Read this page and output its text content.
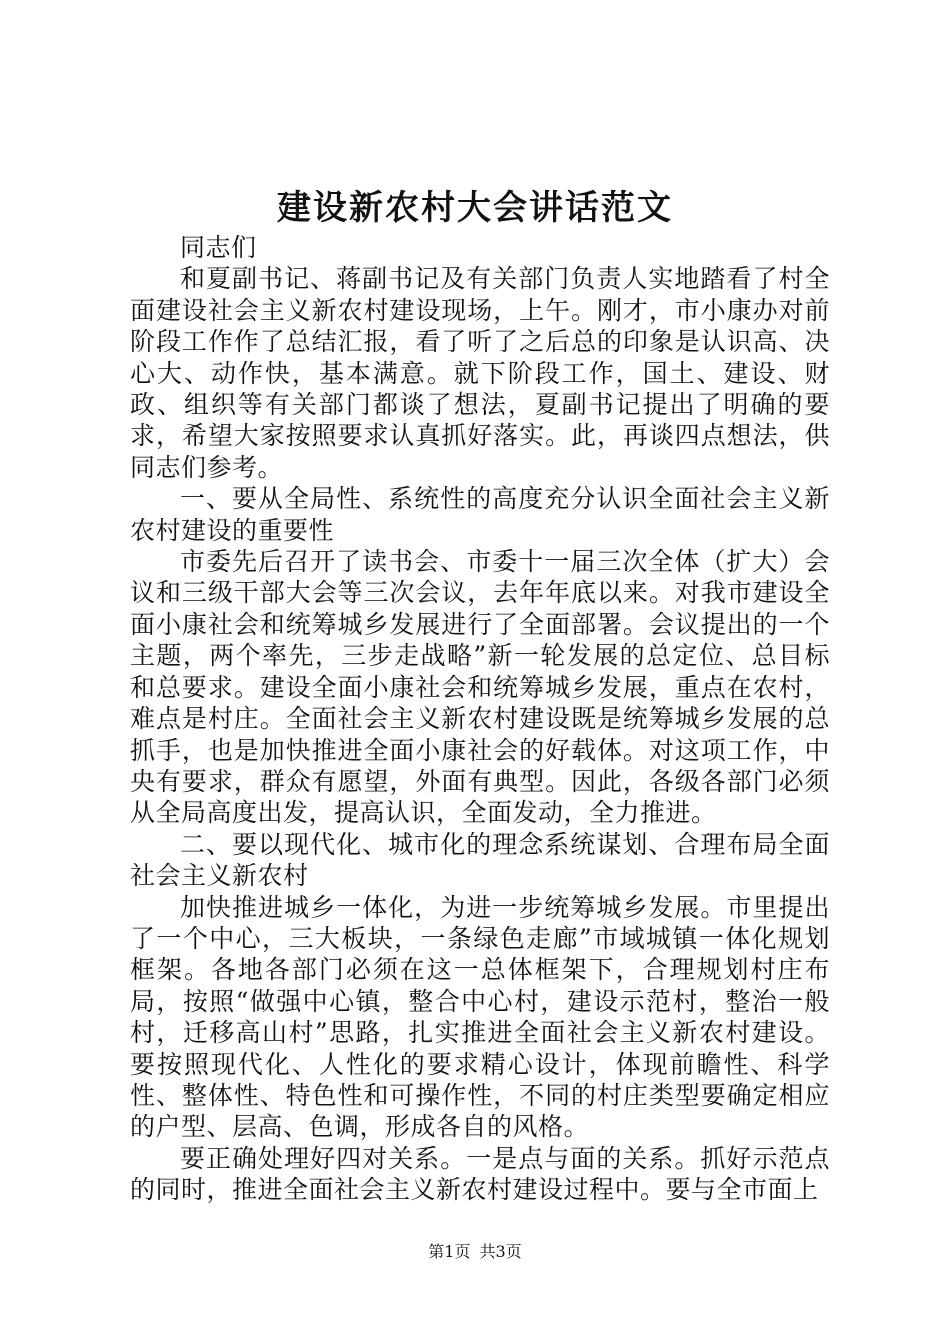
建设新农村大会讲话范文

同志们

和夏副书记、蒋副书记及有关部门负责人实地踏看了村全面建设社会主义新农村建设现场，上午。刚才，市小康办对前阶段工作作了总结汇报，看了听了之后总的印象是认识高、决心大、动作快，基本满意。就下阶段工作，国土、建设、财政、组织等有关部门都谈了想法，夏副书记提出了明确的要求，希望大家按照要求认真抓好落实。此，再谈四点想法，供同志们参考。

一、要从全局性、系统性的高度充分认识全面社会主义新农村建设的重要性

市委先后召开了读书会、市委十一届三次全体（扩大）会议和三级干部大会等三次会议，去年年底以来。对我市建设全面小康社会和统筹城乡发展进行了全面部署。会议提出的一个主题，两个率先，三步走战略”新一轮发展的总定位、总目标和总要求。建设全面小康社会和统筹城乡发展，重点在农村，难点是村庄。全面社会主义新农村建设既是统筹城乡发展的总抓手，也是加快推进全面小康社会的好载体。对这项工作，中央有要求，群众有愿望，外面有典型。因此，各级各部门必须从全局高度出发，提高认识，全面发动，全力推进。

二、要以现代化、城市化的理念系统谋划、合理布局全面社会主义新农村

加快推进城乡一体化，为进一步统筹城乡发展。市里提出了一个中心，三大板块，一条绿色走廊”市域城镇一体化规划框架。各地各部门必须在这一总体框架下，合理规划村庄布局，按照“做强中心镇，整合中心村，建设示范村，整治一般村，迁移高山村”思路，扎实推进全面社会主义新农村建设。要按照现代化、人性化的要求精心设计，体现前瞻性、科学性、整体性、特色性和可操作性，不同的村庄类型要确定相应的户型、层高、色调，形成各自的风格。

要正确处理好四对关系。一是点与面的关系。抓好示范点的同时，推进全面社会主义新农村建设过程中。要与全市面上

第1页 共3页
